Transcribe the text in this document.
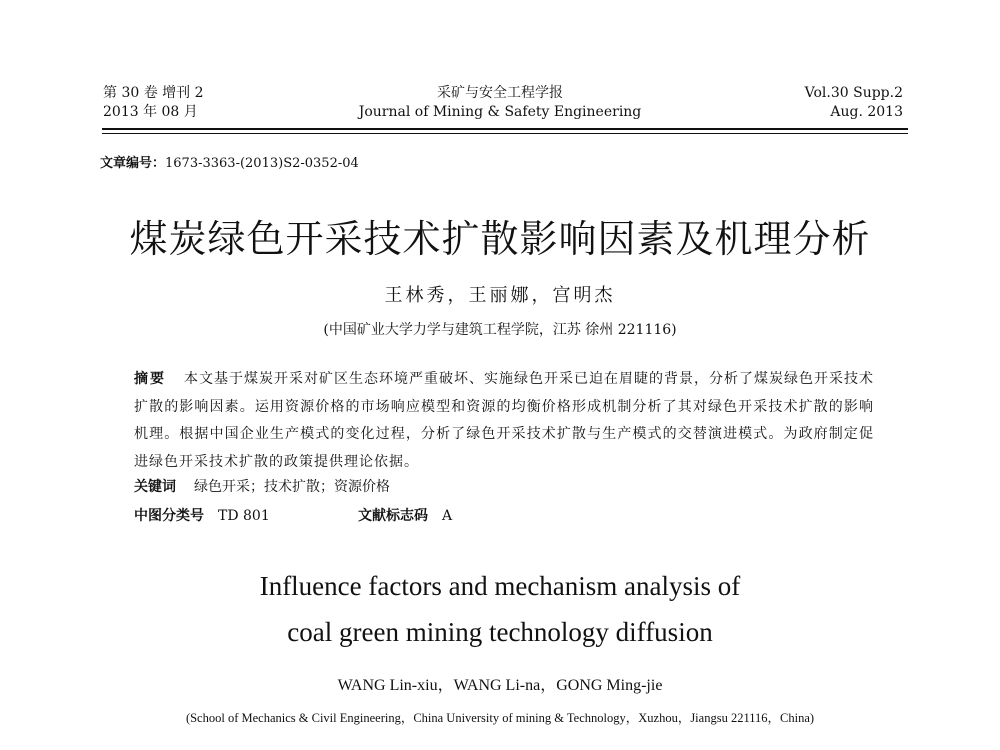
第 30 卷 增刊 2
2013 年 08 月
采矿与安全工程学报
Journal of Mining & Safety Engineering
Vol.30 Supp.2
Aug. 2013
文章编号：1673-3363-(2013)S2-0352-04
煤炭绿色开采技术扩散影响因素及机理分析
王林秀，王丽娜，宫明杰
(中国矿业大学力学与建筑工程学院，江苏 徐州 221116)
摘要 本文基于煤炭开采对矿区生态环境严重破坏、实施绿色开采已迫在眉睫的背景，分析了煤炭绿色开采技术扩散的影响因素。运用资源价格的市场响应模型和资源的均衡价格形成机制分析了其对绿色开采技术扩散的影响机理。根据中国企业生产模式的变化过程，分析了绿色开采技术扩散与生产模式的交替演进模式。为政府制定促进绿色开采技术扩散的政策提供理论依据。
关键词 绿色开采；技术扩散；资源价格
中图分类号 TD 801	文献标志码 A
Influence factors and mechanism analysis of
coal green mining technology diffusion
WANG Lin-xiu，WANG Li-na，GONG Ming-jie
(School of Mechanics & Civil Engineering，China University of mining & Technology，Xuzhou，Jiangsu 221116，China)
